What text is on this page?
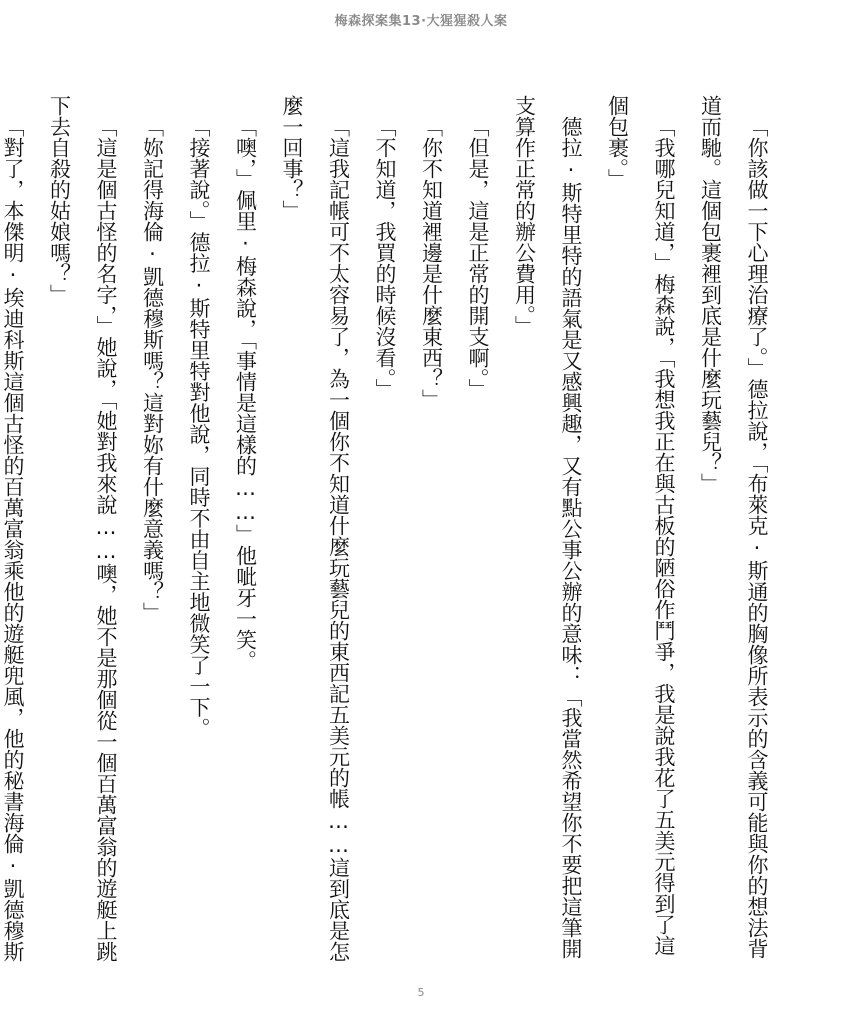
梅森探案集13·大猩猩殺人案

「你該做一下心理治療了。」德拉說，「布萊克·斯通的胸像所表示的含義可能與你的想法背道而馳。這個包裹裡到底是什麼玩藝兒？」

「我哪兒知道，」梅森說，「我想我正在與古板的陋俗作鬥爭，我是說我花了五美元得到了這個包裹。」

德拉·斯特里特的語氣是又感興趣，又有點公事公辦的意味：「我當然希望你不要把這筆開支算作正常的辦公費用。」

「但是，這是正常的開支啊。」

「你不知道裡邊是什麼東西？」

「不知道，我買的時候沒看。」

「這我記帳可不太容易了，為一個你不知道什麼玩藝兒的東西記五美元的帳……這到底是怎麼一回事？」

「噢，」佩里·梅森說，「事情是這樣的……」他呲牙一笑。

「接著說。」德拉·斯特里特對他說，同時不由自主地微笑了一下。

「妳記得海倫·凱德穆斯嗎？這對妳有什麼意義嗎？」

「這是個古怪的名字，」她說，「她對我來說……噢，她不是那個從一個百萬富翁的遊艇上跳下去自殺的姑娘嗎？」

「對了，本傑明·埃迪科斯這個古怪的百萬富翁乘他的遊艇兜風，他的秘書海倫·凱德穆斯

5
